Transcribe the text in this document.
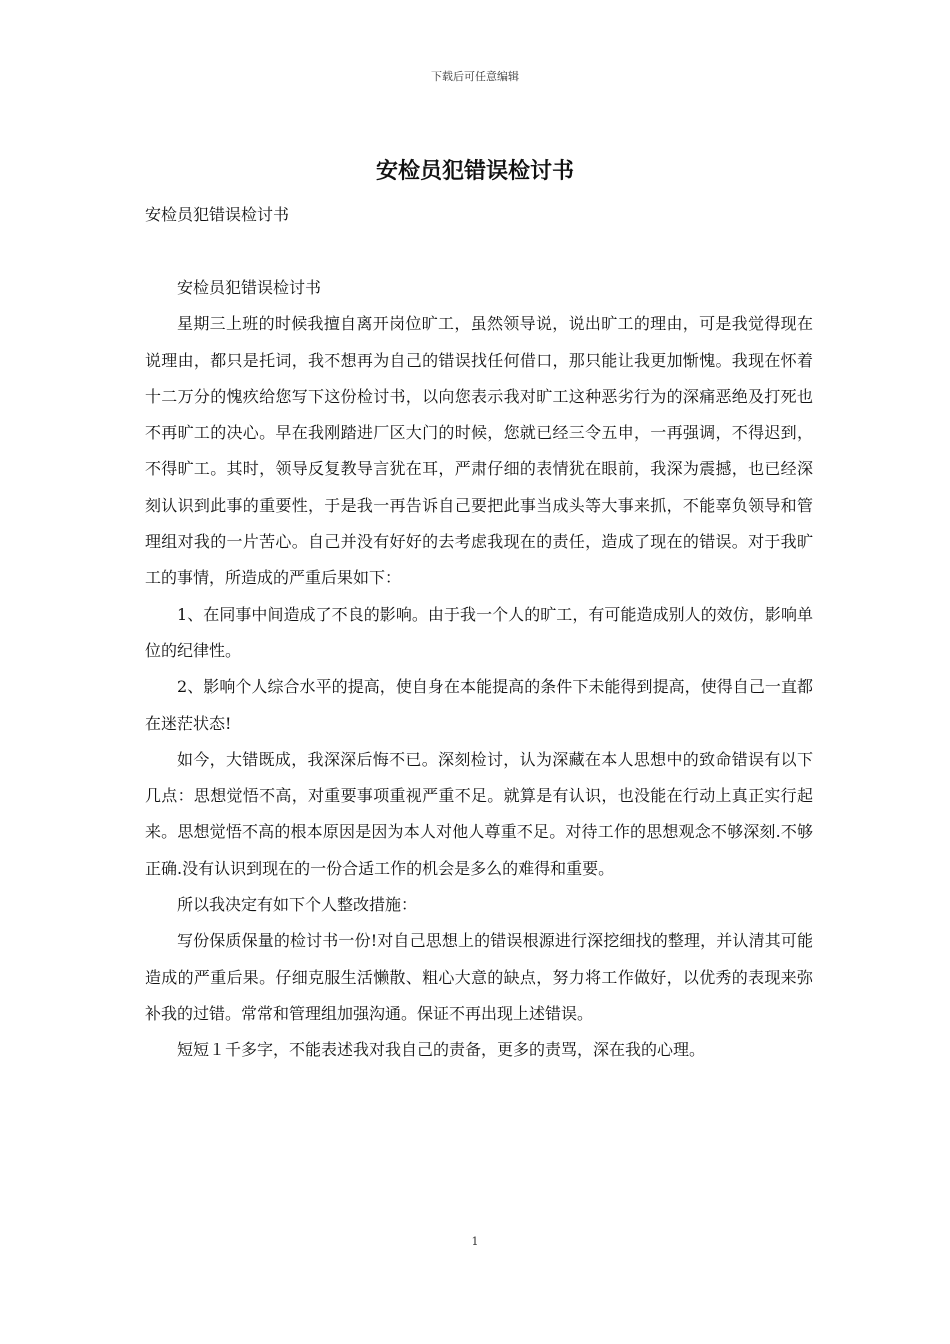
下载后可任意编辑
安检员犯错误检讨书

安检员犯错误检讨书

安检员犯错误检讨书

星期三上班的时候我擅自离开岗位旷工，虽然领导说，说出旷工的理由，可是我觉得现在说理由，都只是托词，我不想再为自己的错误找任何借口，那只能让我更加惭愧。我现在怀着十二万分的愧疚给您写下这份检讨书，以向您表示我对旷工这种恶劣行为的深痛恶绝及打死也不再旷工的决心。早在我刚踏进厂区大门的时候，您就已经三令五申，一再强调，不得迟到，不得旷工。其时，领导反复教导言犹在耳，严肃仔细的表情犹在眼前，我深为震撼，也已经深刻认识到此事的重要性，于是我一再告诉自己要把此事当成头等大事来抓，不能辜负领导和管理组对我的一片苦心。自己并没有好好的去考虑我现在的责任，造成了现在的错误。对于我旷工的事情，所造成的严重后果如下：

1、在同事中间造成了不良的影响。由于我一个人的旷工，有可能造成别人的效仿，影响单位的纪律性。

2、影响个人综合水平的提高，使自身在本能提高的条件下未能得到提高，使得自己一直都在迷茫状态!

如今，大错既成，我深深后悔不已。深刻检讨，认为深藏在本人思想中的致命错误有以下几点：思想觉悟不高，对重要事项重视严重不足。就算是有认识，也没能在行动上真正实行起来。思想觉悟不高的根本原因是因为本人对他人尊重不足。对待工作的思想观念不够深刻.不够正确.没有认识到现在的一份合适工作的机会是多么的难得和重要。

所以我决定有如下个人整改措施：

写份保质保量的检讨书一份!对自己思想上的错误根源进行深挖细找的整理，并认清其可能造成的严重后果。仔细克服生活懒散、粗心大意的缺点，努力将工作做好，以优秀的表现来弥补我的过错。常常和管理组加强沟通。保证不再出现上述错误。

短短１千多字，不能表述我对我自己的责备，更多的责骂，深在我的心理。

1
